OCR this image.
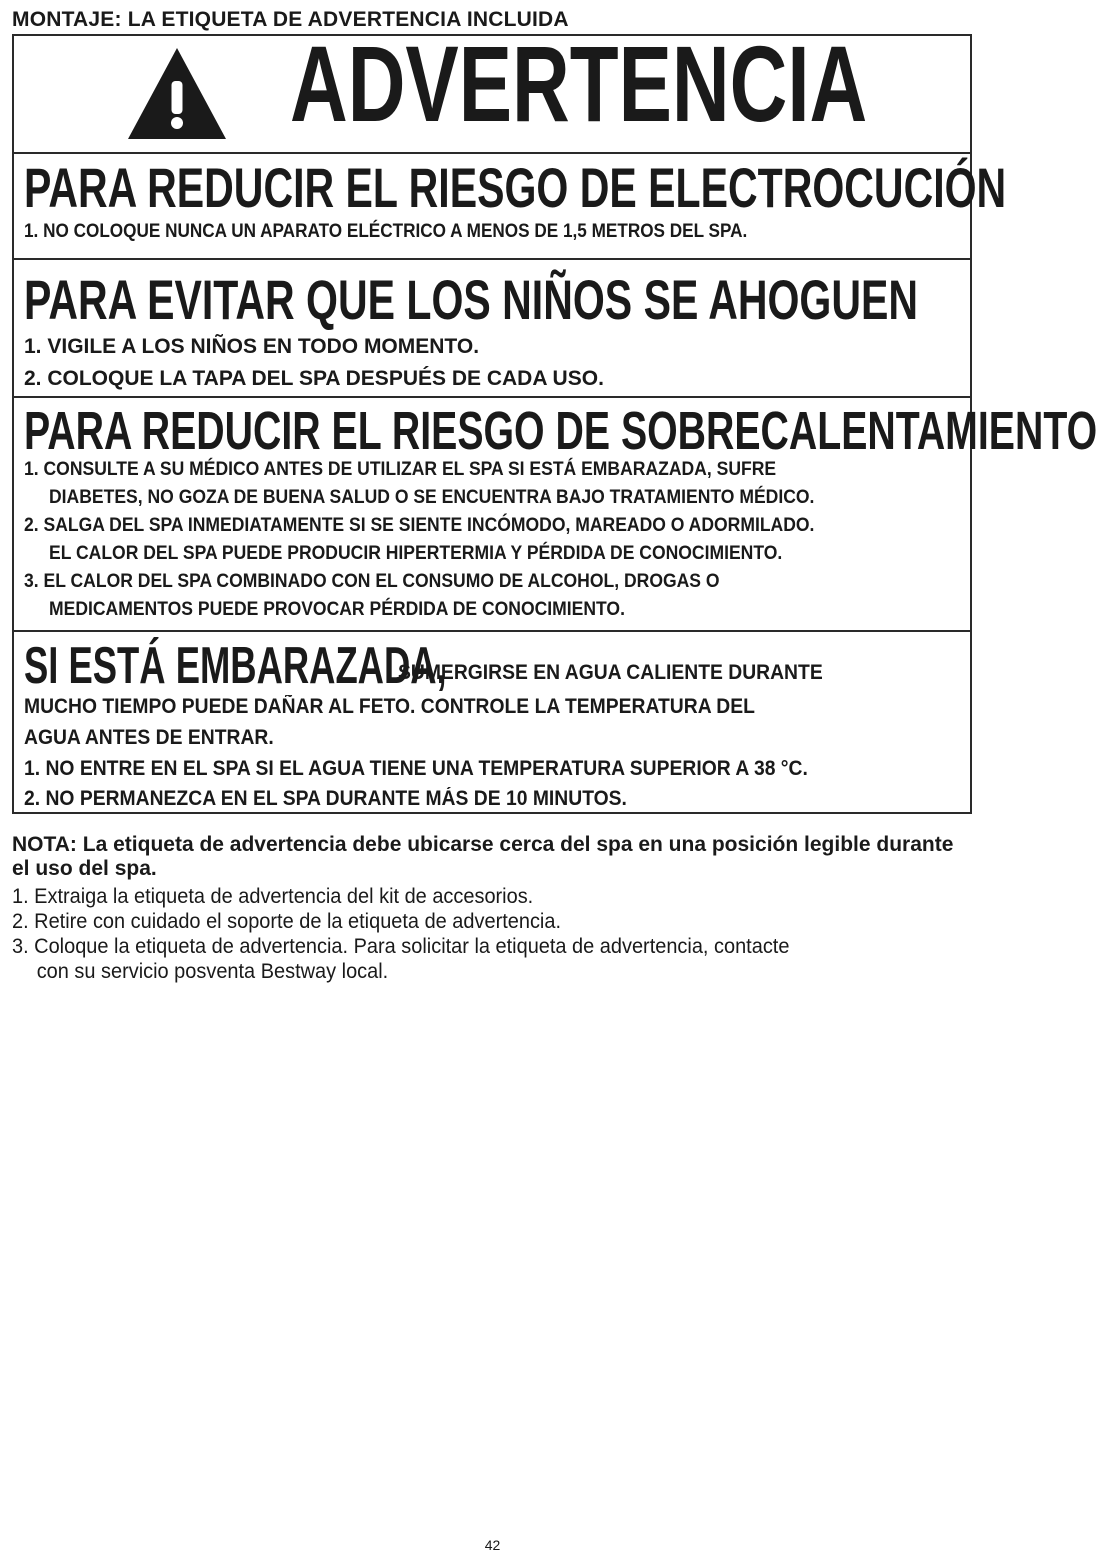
MONTAJE: LA ETIQUETA DE ADVERTENCIA INCLUIDA
ADVERTENCIA
PARA REDUCIR EL RIESGO DE ELECTROCUCIÓN
1. NO COLOQUE NUNCA UN APARATO ELÉCTRICO A MENOS DE 1,5 METROS DEL SPA.
PARA EVITAR QUE LOS NIÑOS SE AHOGUEN
1. VIGILE A LOS NIÑOS EN TODO MOMENTO.
2. COLOQUE LA TAPA DEL SPA DESPUÉS DE CADA USO.
PARA REDUCIR EL RIESGO DE SOBRECALENTAMIENTO
1. CONSULTE A SU MÉDICO ANTES DE UTILIZAR EL SPA SI ESTÁ EMBARAZADA, SUFRE
DIABETES, NO GOZA DE BUENA SALUD O SE ENCUENTRA BAJO TRATAMIENTO MÉDICO.
2. SALGA DEL SPA INMEDIATAMENTE SI SE SIENTE INCÓMODO, MAREADO O ADORMILADO.
EL CALOR DEL SPA PUEDE PRODUCIR HIPERTERMIA Y PÉRDIDA DE CONOCIMIENTO.
3. EL CALOR DEL SPA COMBINADO CON EL CONSUMO DE ALCOHOL, DROGAS O
MEDICAMENTOS PUEDE PROVOCAR PÉRDIDA DE CONOCIMIENTO.
SI ESTÁ EMBARAZADA,
SUMERGIRSE EN AGUA CALIENTE DURANTE
MUCHO TIEMPO PUEDE DAÑAR AL FETO. CONTROLE LA TEMPERATURA DEL
AGUA ANTES DE ENTRAR.
1. NO ENTRE EN EL SPA SI EL AGUA TIENE UNA TEMPERATURA SUPERIOR A 38 °C.
2. NO PERMANEZCA EN EL SPA DURANTE MÁS DE 10 MINUTOS.
NOTA: La etiqueta de advertencia debe ubicarse cerca del spa en una posición legible durante el uso del spa.
1. Extraiga la etiqueta de advertencia del kit de accesorios.
2. Retire con cuidado el soporte de la etiqueta de advertencia.
3. Coloque la etiqueta de advertencia. Para solicitar la etiqueta de advertencia, contacte
con su servicio posventa Bestway local.
42
